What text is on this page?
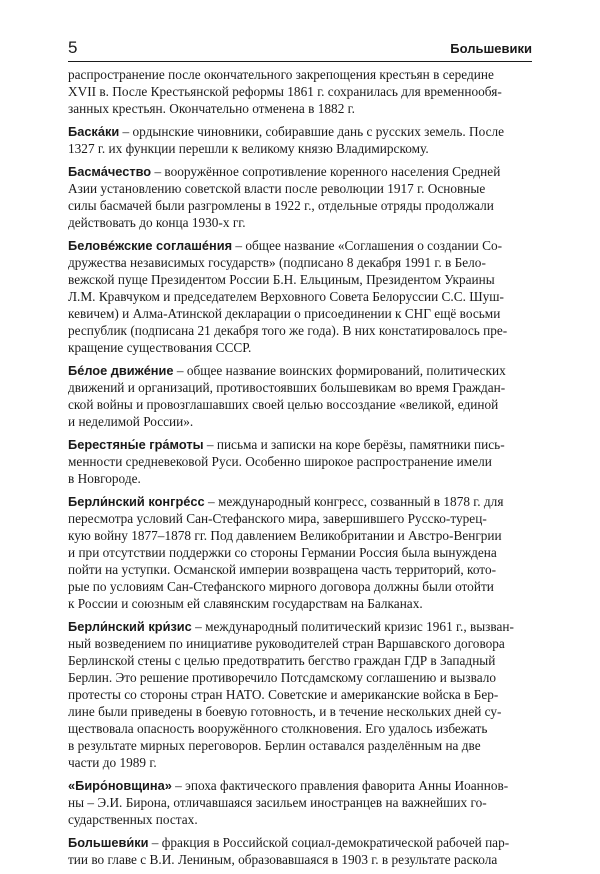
5	Большевики
распространение после окончательного закрепощения крестьян в середине
XVII в. После Крестьянской реформы 1861 г. сохранилась для временнообя-
занных крестьян. Окончательно отменена в 1882 г.
Баска́ки – ордынские чиновники, собиравшие дань с русских земель. После
1327 г. их функции перешли к великому князю Владимирскому.
Басма́чество – вооружённое сопротивление коренного населения Средней
Азии установлению советской власти после революции 1917 г. Основные
силы басмачей были разгромлены в 1922 г., отдельные отряды продолжали
действовать до конца 1930-х гг.
Беловéжские соглашéния – общее название «Соглашения о создании Со-
дружества независимых государств» (подписано 8 декабря 1991 г. в Бело-
вежской пуще Президентом России Б.Н. Ельциным, Президентом Украины
Л.М. Кравчуком и председателем Верховного Совета Белоруссии С.С. Шуш-
кевичем) и Алма-Атинской декларации о присоединении к СНГ ещё восьми
республик (подписана 21 декабря того же года). В них констатировалось пре-
кращение существования СССР.
Бéлое движéние – общее название воинских формирований, политических
движений и организаций, противостоявших большевикам во время Граждан-
ской войны и провозглашавших своей целью воссоздание «великой, единой
и неделимой России».
Берестяны́е гра́моты – письма и записки на коре берёзы, памятники пись-
менности средневековой Руси. Особенно широкое распространение имели
в Новгороде.
Берли́нский конгрéсс – международный конгресс, созванный в 1878 г. для
пересмотра условий Сан-Стефанского мира, завершившего Русско-турец-
кую войну 1877–1878 гг. Под давлением Великобритании и Австро-Венгрии
и при отсутствии поддержки со стороны Германии Россия была вынуждена
пойти на уступки. Османской империи возвращена часть территорий, кото-
рые по условиям Сан-Стефанского мирного договора должны были отойти
к России и союзным ей славянским государствам на Балканах.
Берли́нский кри́зис – международный политический кризис 1961 г., вызван-
ный возведением по инициативе руководителей стран Варшавского договора
Берлинской стены с целью предотвратить бегство граждан ГДР в Западный
Берлин. Это решение противоречило Потсдамскому соглашению и вызвало
протесты со стороны стран НАТО. Советские и американские войска в Бер-
лине были приведены в боевую готовность, и в течение нескольких дней су-
ществовала опасность вооружённого столкновения. Его удалось избежать
в результате мирных переговоров. Берлин оставался разделённым на две
части до 1989 г.
«Биро́новщина» – эпоха фактического правления фаворита Анны Иоаннов-
ны – Э.И. Бирона, отличавшаяся засильем иностранцев на важнейших го-
сударственных постах.
Большеви́ки – фракция в Российской социал-демократической рабочей пар-
тии во главе с В.И. Лениным, образовавшаяся в 1903 г. в результате раскола
